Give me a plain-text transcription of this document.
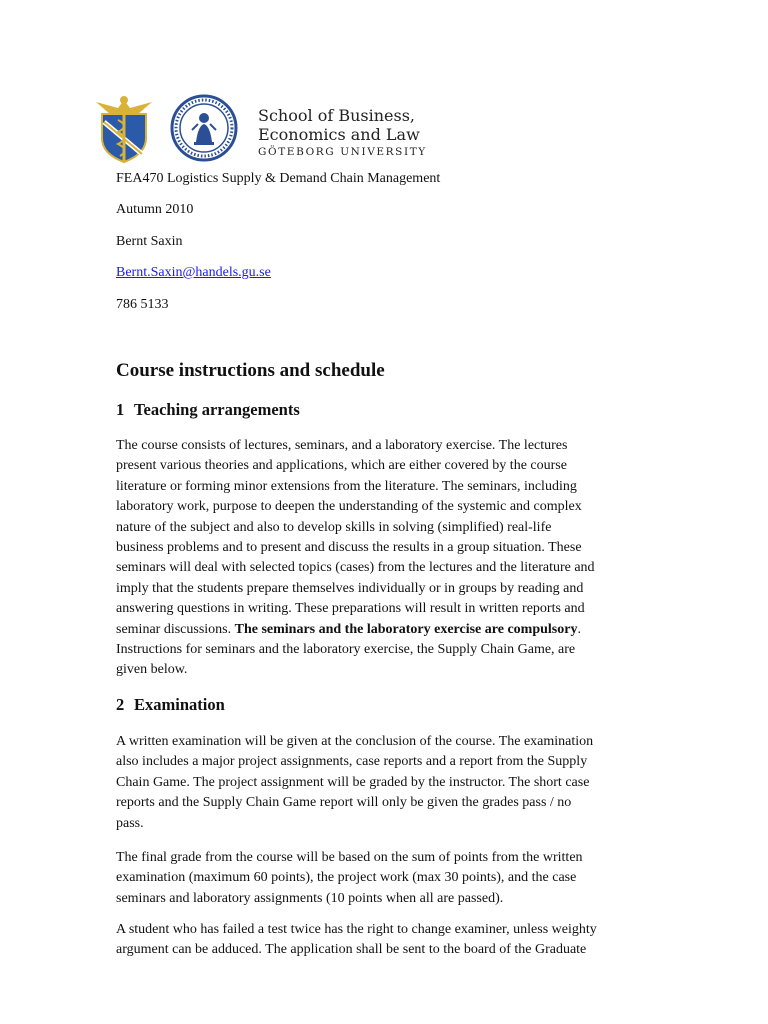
School of Business,
Economics and Law
GÖTEBORG UNIVERSITY
FEA470 Logistics Supply & Demand Chain Management
Autumn 2010
Bernt Saxin
Bernt.Saxin@handels.gu.se
786 5133
Course instructions and schedule
1 Teaching arrangements
The course consists of lectures, seminars, and a laboratory exercise. The lectures
present various theories and applications, which are either covered by the course
literature or forming minor extensions from the literature. The seminars, including
laboratory work, purpose to deepen the understanding of the systemic and complex
nature of the subject and also to develop skills in solving (simplified) real-life
business problems and to present and discuss the results in a group situation. These
seminars will deal with selected topics (cases) from the lectures and the literature and
imply that the students prepare themselves individually or in groups by reading and
answering questions in writing. These preparations will result in written reports and
seminar discussions. The seminars and the laboratory exercise are compulsory.
Instructions for seminars and the laboratory exercise, the Supply Chain Game, are
given below.
2 Examination
A written examination will be given at the conclusion of the course. The examination
also includes a major project assignments, case reports and a report from the Supply
Chain Game. The project assignment will be graded by the instructor. The short case
reports and the Supply Chain Game report will only be given the grades pass / no
pass.
The final grade from the course will be based on the sum of points from the written
examination (maximum 60 points), the project work (max 30 points), and the case
seminars and laboratory assignments (10 points when all are passed).
A student who has failed a test twice has the right to change examiner, unless weighty
argument can be adduced. The application shall be sent to the board of the Graduate
